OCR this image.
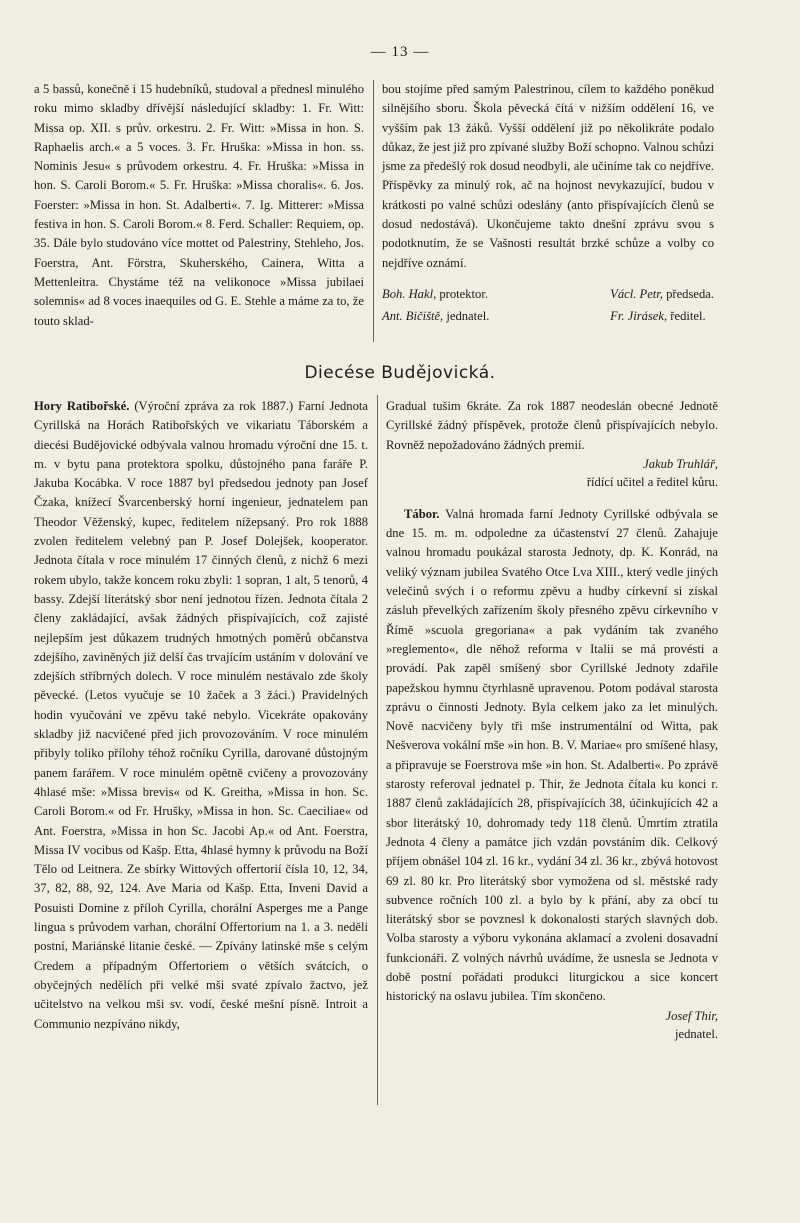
— 13 —

a 5 bassů, konečně i 15 hudebníků, studoval a přednesl minulého roku mimo skladby dřívější následující skladby: 1. Fr. Witt: Missa op. XII. s prův. orkestru. 2. Fr. Witt: »Missa in hon. S. Raphaelis arch.« a 5 voces. 3. Fr. Hruška: »Missa in hon. ss. Nominis Jesu« s průvodem orkestru. 4. Fr. Hruška: »Missa in hon. S. Caroli Borom.« 5. Fr. Hruška: »Missa choralis«. 6. Jos. Foerster: »Missa in hon. St. Adalberti«. 7. Ig. Mitterer: »Missa festiva in hon. S. Caroli Borom.« 8. Ferd. Schaller: Requiem, op. 35. Dále bylo studováno více mottet od Palestriny, Stehleho, Jos. Foerstra, Ant. Förstra, Skuherského, Cainera, Witta a Mettenleitra. Chystáme též na velikonoce »Missa jubilaei solemnis« ad 8 voces inaequiles od G. E. Stehle a máme za to, že touto sklad-

bou stojíme před samým Palestrinou, cílem to každého poněkud silnějšího sboru. Škola pěvecká čítá v nižším oddělení 16, ve vyšším pak 13 žáků. Vyšší oddělení již po několikráte podalo důkaz, že jest již pro zpívané služby Boží schopno. Valnou schůzi jsme za předešlý rok dosud neodbyli, ale učiníme tak co nejdříve. Příspěvky za minulý rok, ač na hojnost nevykazující, budou v krátkosti po valné schůzi odeslány (anto přispívajících členů se dosud nedostává). Ukončujeme takto dnešní zprávu svou s podotknutím, že se Vašnosti resultát brzké schůze a volby co nejdříve oznámí.

Boh. Hakl, protektor.
Ant. Bičiště, jednatel.
Václ. Petr, předseda.
Fr. Jirásek, ředitel.
Diecése Budějovická.

Hory Ratibořské. (Výroční zpráva za rok 1887.) Farní Jednota Cyrillská na Horách Ratibořských ve vikariatu Táborském a diecési Budějovické odbývala valnou hromadu výroční dne 15. t. m. v bytu pana protektora spolku, důstojného pana faráře P. Jakuba Kocábka. V roce 1887 byl předsedou jednoty pan Josef Čzaka, knížecí Švarcenberský horní ingenieur, jednatelem pan Theodor Věženský, kupec, ředitelem nížepsaný. Pro rok 1888 zvolen ředitelem velebný pan P. Josef Dolejšek, kooperator. Jednota čítala v roce minulém 17 činných členů, z nichž 6 mezi rokem ubylo, takže koncem roku zbyli: 1 sopran, 1 alt, 5 tenorů, 4 bassy. Zdejší literátský sbor není jednotou řízen. Jednota čítala 2 členy zakládající, avšak žádných přispívajících, což zajisté nejlepším jest důkazem trudných hmotných poměrů občanstva zdejšího, zaviněných již delší čas trvajícím ustáním v dolování ve zdejších stříbrných dolech. V roce minulém nestávalo zde školy pěvecké. (Letos vyučuje se 10 žaček a 3 žáci.) Pravidelných hodin vyučování ve zpěvu také nebylo. Vicekráte opakovány skladby již nacvičené před jich provozováním. V roce minulém přibyly toliko přílohy téhož ročníku Cyrilla, darované důstojným panem farářem. V roce minulém opětně cvičeny a provozovány 4hlasé mše: »Missa brevis« od K. Greitha, »Missa in hon. Sc. Caroli Borom.« od Fr. Hrušky, »Missa in hon. Sc. Caeciliae« od Ant. Foerstra, »Missa in hon Sc. Jacobi Ap.« od Ant. Foerstra, Missa IV vocibus od Kašp. Etta, 4hlasé hymny k průvodu na Boží Tělo od Leitnera. Ze sbírky Wittových offertorií čísla 10, 12, 34, 37, 82, 88, 92, 124. Ave Maria od Kašp. Etta, Inveni David a Posuisti Domine z příloh Cyrilla, chorální Asperges me a Pange lingua s průvodem varhan, chorální Offertorium na 1. a 3. neděli postní, Mariánské litanie české. — Zpívány latinské mše s celým Credem a případným Offertoriem o větších svátcích, o obyčejných nedělích při velké mši svaté zpívalo žactvo, jež učitelstvo na velkou mši sv. vodí, české mešní písně. Introit a Communio nezpíváno nikdy,

Gradual tušim 6kráte. Za rok 1887 neodeslán obecné Jednotě Cyrillské žádný příspěvek, protože členů přispívajících nebylo. Rovněž nepožadováno žádných premií.

Jakub Truhlář,
řídící učitel a ředitel kůru.

Tábor. Valná hromada farní Jednoty Cyrillské odbývala se dne 15. m. m. odpoledne za účastenství 27 členů. Zahajuje valnou hromadu poukázal starosta Jednoty, dp. K. Konrád, na veliký význam jubilea Svatého Otce Lva XIII., který vedle jiných velečinů svých i o reformu zpěvu a hudby církevní si získal zásluh převelkých zařízením školy přesného zpěvu církevního v Římě »scuola gregoriana« a pak vydáním tak zvaného »reglemento«, dle něhož reforma v Italii se má provésti a provádí. Pak zapěl smíšený sbor Cyrillské Jednoty zdařile papežskou hymnu čtyrhlasně upravenou. Potom podával starosta zprávu o činnosti Jednoty. Byla celkem jako za let minulých. Nově nacvičeny byly tři mše instrumentální od Witta, pak Nešverova vokální mše »in hon. B. V. Mariae« pro smíšené hlasy, a připravuje se Foerstrova mše »in hon. St. Adalberti«. Po zprávě starosty referoval jednatel p. Thir, že Jednota čítala ku konci r. 1887 členů zakládajících 28, přispívajících 38, účinkujících 42 a sbor literátský 10, dohromady tedy 118 členů. Úmrtím ztratila Jednota 4 členy a památce jich vzdán povstáním dík. Celkový příjem obnášel 104 zl. 16 kr., vydání 34 zl. 36 kr., zbývá hotovost 69 zl. 80 kr. Pro literátský sbor vymožena od sl. městské rady subvence ročních 100 zl. a bylo by k přání, aby za obcí tu literátský sbor se povznesl k dokonalosti starých slavných dob. Volba starosty a výboru vykonána aklamací a zvoleni dosavadní funkcionáři. Z volných návrhů uvádíme, že usnesla se Jednota v době postní pořádati produkci liturgickou a sice koncert historický na oslavu jubilea. Tím skončeno.

Josef Thir,
jednatel.
